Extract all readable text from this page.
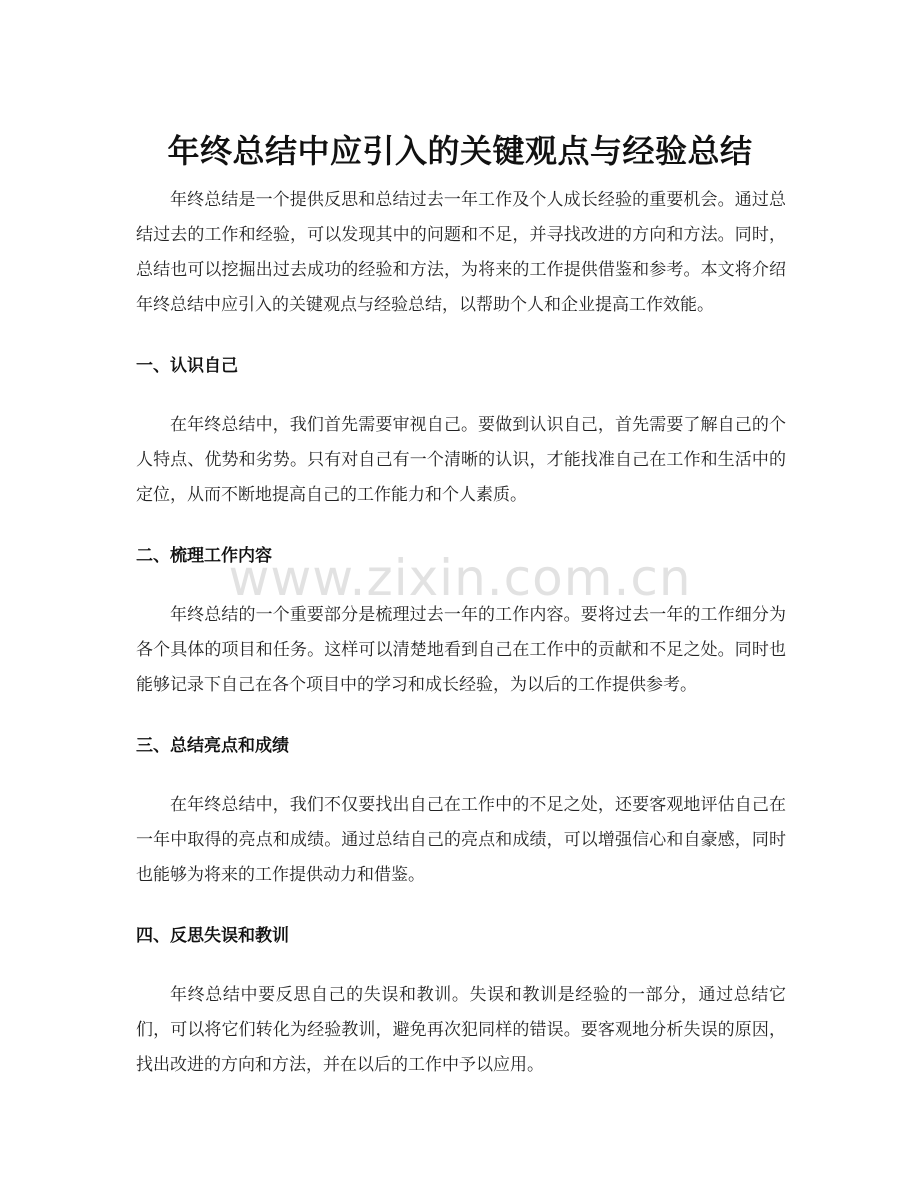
年终总结中应引入的关键观点与经验总结

年终总结是一个提供反思和总结过去一年工作及个人成长经验的重要机会。通过总结过去的工作和经验，可以发现其中的问题和不足，并寻找改进的方向和方法。同时，总结也可以挖掘出过去成功的经验和方法，为将来的工作提供借鉴和参考。本文将介绍年终总结中应引入的关键观点与经验总结，以帮助个人和企业提高工作效能。

一、认识自己

在年终总结中，我们首先需要审视自己。要做到认识自己，首先需要了解自己的个人特点、优势和劣势。只有对自己有一个清晰的认识，才能找准自己在工作和生活中的定位，从而不断地提高自己的工作能力和个人素质。

二、梳理工作内容

年终总结的一个重要部分是梳理过去一年的工作内容。要将过去一年的工作细分为各个具体的项目和任务。这样可以清楚地看到自己在工作中的贡献和不足之处。同时也能够记录下自己在各个项目中的学习和成长经验，为以后的工作提供参考。

三、总结亮点和成绩

在年终总结中，我们不仅要找出自己在工作中的不足之处，还要客观地评估自己在一年中取得的亮点和成绩。通过总结自己的亮点和成绩，可以增强信心和自豪感，同时也能够为将来的工作提供动力和借鉴。

四、反思失误和教训

年终总结中要反思自己的失误和教训。失误和教训是经验的一部分，通过总结它们，可以将它们转化为经验教训，避免再次犯同样的错误。要客观地分析失误的原因，找出改进的方向和方法，并在以后的工作中予以应用。

www.zixin.com.cn
